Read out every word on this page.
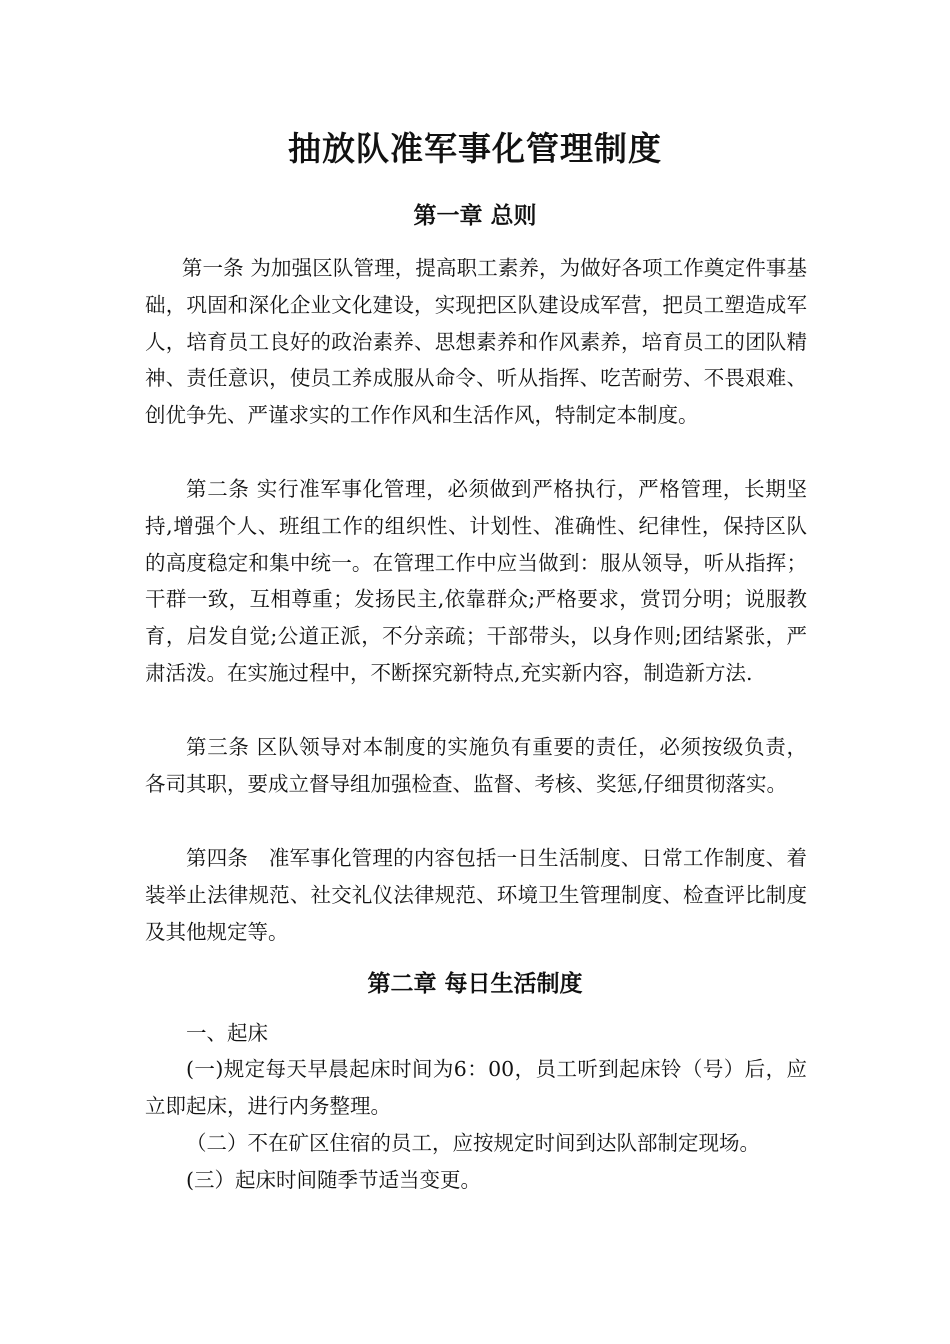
抽放队准军事化管理制度
第一章 总则

第一条 为加强区队管理，提高职工素养，为做好各项工作奠定件事基础，巩固和深化企业文化建设，实现把区队建设成军营，把员工塑造成军人，培育员工良好的政治素养、思想素养和作风素养，培育员工的团队精神、责任意识，使员工养成服从命令、听从指挥、吃苦耐劳、不畏艰难、创优争先、严谨求实的工作作风和生活作风，特制定本制度。

第二条 实行准军事化管理，必须做到严格执行，严格管理，长期坚持,增强个人、班组工作的组织性、计划性、准确性、纪律性，保持区队的高度稳定和集中统一。在管理工作中应当做到：服从领导，听从指挥；干群一致，互相尊重；发扬民主,依靠群众;严格要求，赏罚分明；说服教育，启发自觉;公道正派，不分亲疏；干部带头，以身作则;团结紧张，严肃活泼。在实施过程中，不断探究新特点,充实新内容，制造新方法.

第三条 区队领导对本制度的实施负有重要的责任，必须按级负责，各司其职，要成立督导组加强检查、监督、考核、奖惩,仔细贯彻落实。

第四条　准军事化管理的内容包括一日生活制度、日常工作制度、着装举止法律规范、社交礼仪法律规范、环境卫生管理制度、检查评比制度及其他规定等。

第二章 每日生活制度

一、起床

(一)规定每天早晨起床时间为6：00，员工听到起床铃（号）后，应立即起床，进行内务整理。

（二）不在矿区住宿的员工，应按规定时间到达队部制定现场。

(三）起床时间随季节适当变更。
